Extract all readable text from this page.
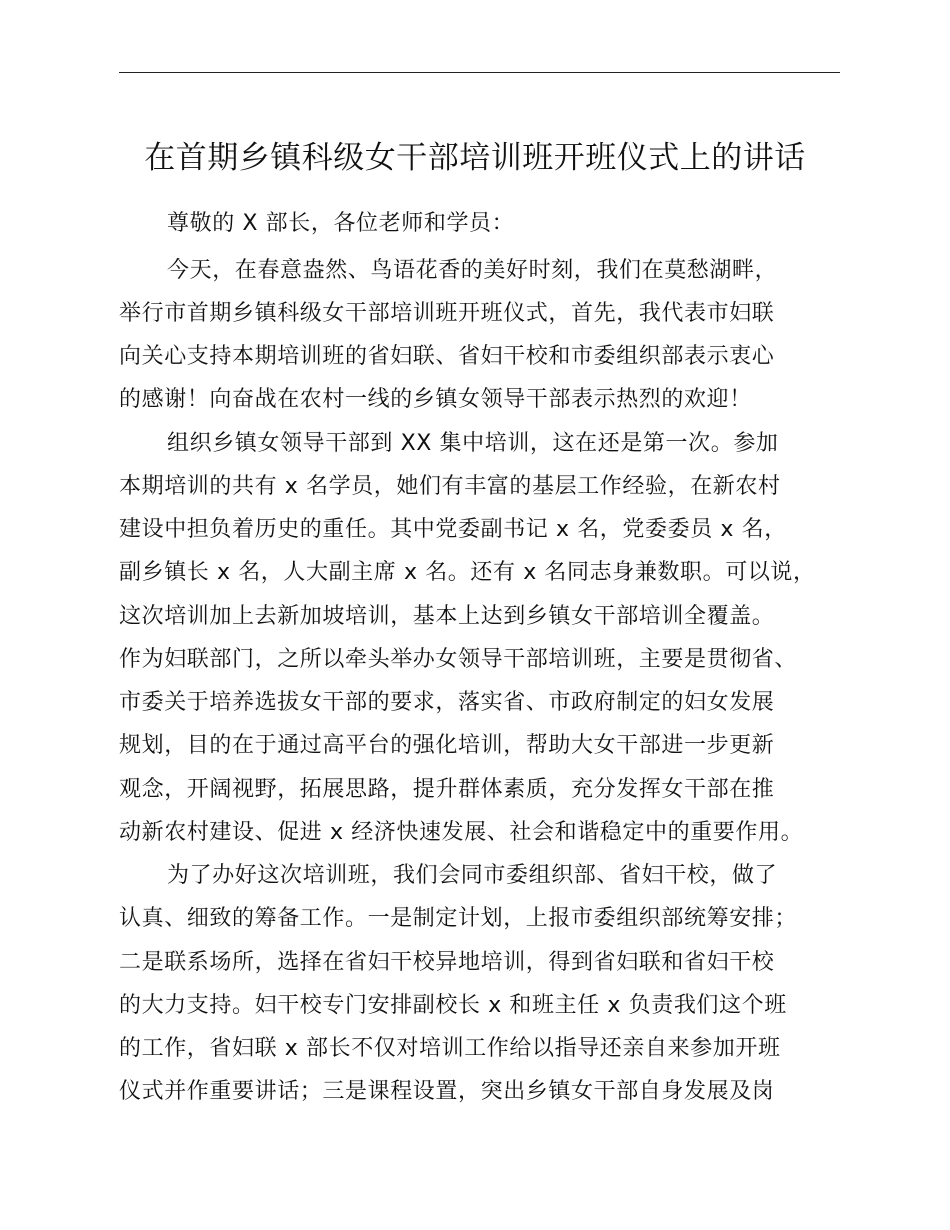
在首期乡镇科级女干部培训班开班仪式上的讲话
尊敬的 X 部长，各位老师和学员：
今天，在春意盎然、鸟语花香的美好时刻，我们在莫愁湖畔，
举行市首期乡镇科级女干部培训班开班仪式，首先，我代表市妇联
向关心支持本期培训班的省妇联、省妇干校和市委组织部表示衷心
的感谢！向奋战在农村一线的乡镇女领导干部表示热烈的欢迎！
组织乡镇女领导干部到 XX 集中培训，这在还是第一次。参加
本期培训的共有 x 名学员，她们有丰富的基层工作经验，在新农村
建设中担负着历史的重任。其中党委副书记 x 名，党委委员 x 名，
副乡镇长 x 名，人大副主席 x 名。还有 x 名同志身兼数职。可以说，
这次培训加上去新加坡培训，基本上达到乡镇女干部培训全覆盖。
作为妇联部门，之所以牵头举办女领导干部培训班，主要是贯彻省、
市委关于培养选拔女干部的要求，落实省、市政府制定的妇女发展
规划，目的在于通过高平台的强化培训，帮助大女干部进一步更新
观念，开阔视野，拓展思路，提升群体素质，充分发挥女干部在推
动新农村建设、促进 x 经济快速发展、社会和谐稳定中的重要作用。
为了办好这次培训班，我们会同市委组织部、省妇干校，做了
认真、细致的筹备工作。一是制定计划，上报市委组织部统筹安排；
二是联系场所，选择在省妇干校异地培训，得到省妇联和省妇干校
的大力支持。妇干校专门安排副校长 x 和班主任 x 负责我们这个班
的工作，省妇联 x 部长不仅对培训工作给以指导还亲自来参加开班
仪式并作重要讲话；三是课程设置，突出乡镇女干部自身发展及岗
